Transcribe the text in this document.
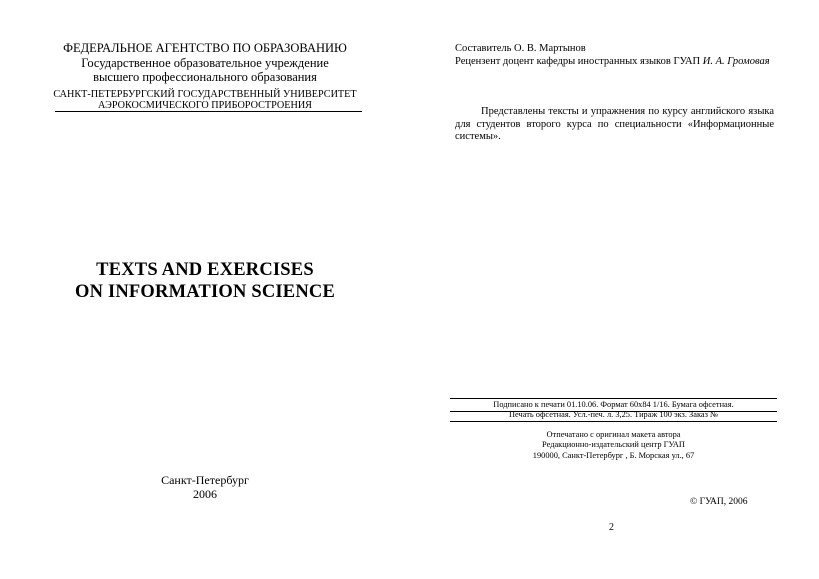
ФЕДЕРАЛЬНОЕ АГЕНТСТВО ПО ОБРАЗОВАНИЮ
Государственное образовательное учреждение
высшего профессионального образования
САНКТ-ПЕТЕРБУРГСКИЙ ГОСУДАРСТВЕННЫЙ УНИВЕРСИТЕТ
АЭРОКОСМИЧЕСКОГО ПРИБОРОСТРОЕНИЯ
TEXTS AND EXERCISES
ON INFORMATION SCIENCE
Санкт-Петербург
2006
Составитель О. В. Мартынов
Рецензент доцент кафедры иностранных языков ГУАП И. А. Громовая
Представлены тексты и упражнения по курсу английского языка для студентов второго курса по специальности «Информационные системы».
Подписано к печати 01.10.06. Формат 60x84 1/16. Бумага офсетная.
Печать офсетная. Усл.-печ. л. 3,25. Тираж 100 экз. Заказ №
Отпечатано с оригинал макета автора
Редакционно-издательский центр ГУАП
190000, Санкт-Петербург , Б. Морская ул., 67
© ГУАП, 2006
2
